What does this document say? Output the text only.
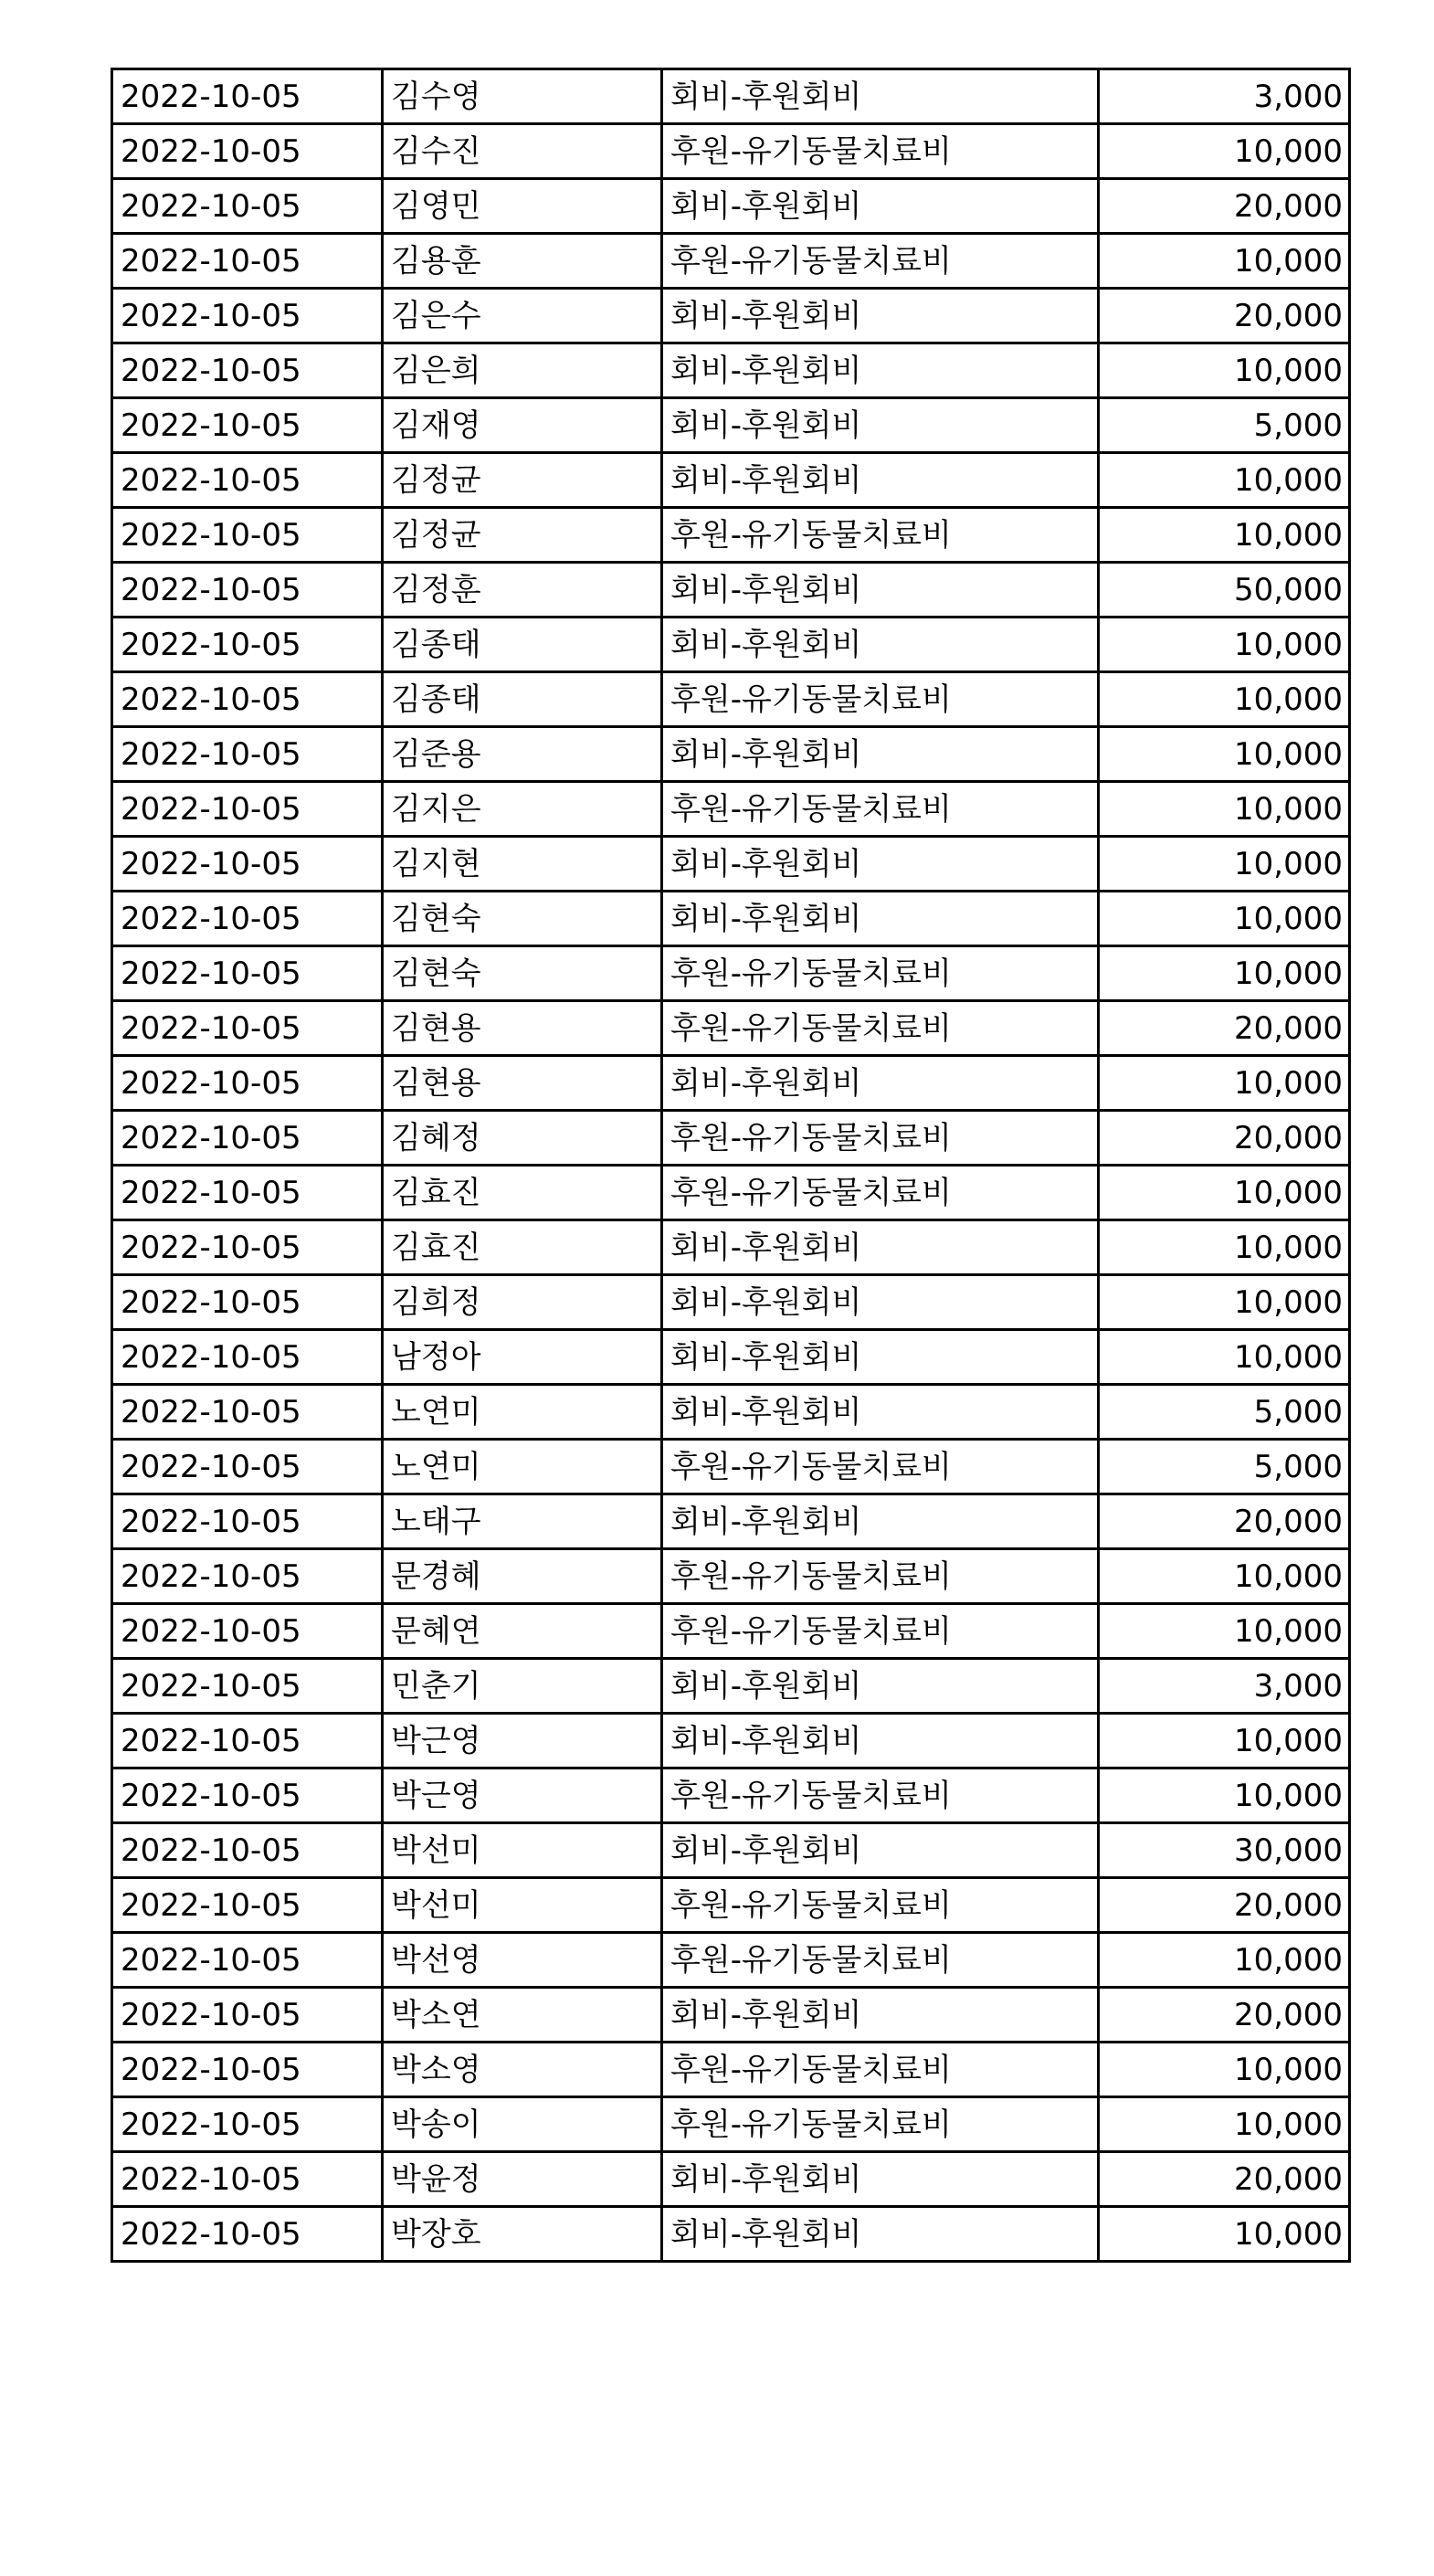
2022-10-05	김수영	회비-후원회비	3,000
2022-10-05	김수진	후원-유기동물치료비	10,000
2022-10-05	김영민	회비-후원회비	20,000
2022-10-05	김용훈	후원-유기동물치료비	10,000
2022-10-05	김은수	회비-후원회비	20,000
2022-10-05	김은희	회비-후원회비	10,000
2022-10-05	김재영	회비-후원회비	5,000
2022-10-05	김정균	회비-후원회비	10,000
2022-10-05	김정균	후원-유기동물치료비	10,000
2022-10-05	김정훈	회비-후원회비	50,000
2022-10-05	김종태	회비-후원회비	10,000
2022-10-05	김종태	후원-유기동물치료비	10,000
2022-10-05	김준용	회비-후원회비	10,000
2022-10-05	김지은	후원-유기동물치료비	10,000
2022-10-05	김지현	회비-후원회비	10,000
2022-10-05	김현숙	회비-후원회비	10,000
2022-10-05	김현숙	후원-유기동물치료비	10,000
2022-10-05	김현용	후원-유기동물치료비	20,000
2022-10-05	김현용	회비-후원회비	10,000
2022-10-05	김혜정	후원-유기동물치료비	20,000
2022-10-05	김효진	후원-유기동물치료비	10,000
2022-10-05	김효진	회비-후원회비	10,000
2022-10-05	김희정	회비-후원회비	10,000
2022-10-05	남정아	회비-후원회비	10,000
2022-10-05	노연미	회비-후원회비	5,000
2022-10-05	노연미	후원-유기동물치료비	5,000
2022-10-05	노태구	회비-후원회비	20,000
2022-10-05	문경혜	후원-유기동물치료비	10,000
2022-10-05	문혜연	후원-유기동물치료비	10,000
2022-10-05	민춘기	회비-후원회비	3,000
2022-10-05	박근영	회비-후원회비	10,000
2022-10-05	박근영	후원-유기동물치료비	10,000
2022-10-05	박선미	회비-후원회비	30,000
2022-10-05	박선미	후원-유기동물치료비	20,000
2022-10-05	박선영	후원-유기동물치료비	10,000
2022-10-05	박소연	회비-후원회비	20,000
2022-10-05	박소영	후원-유기동물치료비	10,000
2022-10-05	박송이	후원-유기동물치료비	10,000
2022-10-05	박윤정	회비-후원회비	20,000
2022-10-05	박장호	회비-후원회비	10,000
